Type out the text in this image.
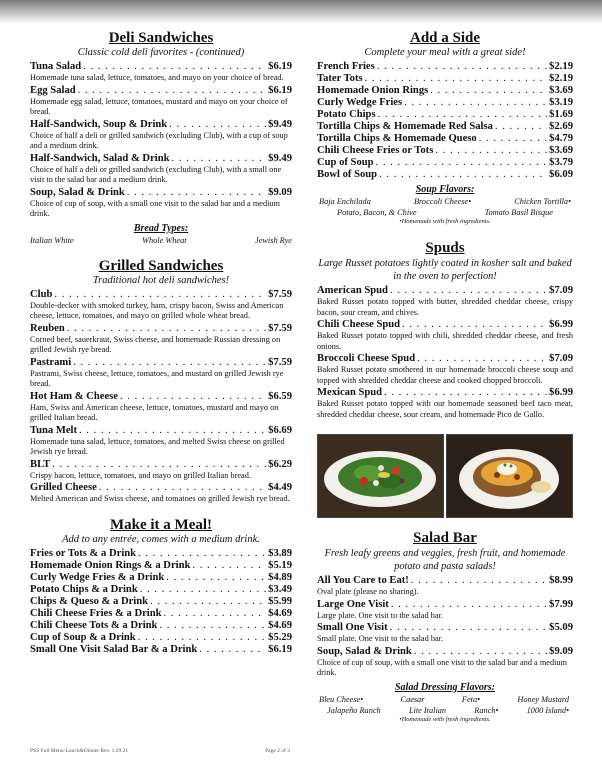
Deli Sandwiches
Classic cold deli favorites - (continued)
Tuna Salad . . .	$6.19
Homemade tuna salad, lettuce, tomatoes, and mayo on your choice of bread.
Egg Salad . . .	$6.19
Homemade egg salad, lettuce, tomatoes, mustard and mayo on your choice of bread.
Half-Sandwich, Soup & Drink . . .	$9.49
Choice of half a deli or grilled sandwich (excluding Club), with a cup of soup and a medium drink.
Half-Sandwich, Salad & Drink . . .	$9.49
Choice of half a deli or grilled sandwich (excluding Club), with a small one visit to the salad bar and a medium drink.
Soup, Salad & Drink . . .	$9.09
Choice of cup of soup, with a small one visit to the salad bar and a medium drink.
Bread Types:
Italian White	Whole Wheat	Jewish Rye
Grilled Sandwiches
Traditional hot deli sandwiches!
Club . . .	$7.59
Double-decker with smoked turkey, ham, crispy bacon, Swiss and American cheese, lettuce, tomatoes, and mayo on grilled whole wheat bread.
Reuben . . .	$7.59
Corned beef, sauerkraut, Swiss cheese, and homemade Russian dressing on grilled Jewish rye bread.
Pastrami . . .	$7.59
Pastrami, Swiss cheese, lettuce, tomatoes, and mustard on grilled Jewish rye bread.
Hot Ham & Cheese . . .	$6.59
Ham, Swiss and American cheese, lettuce, tomatoes, mustard and mayo on grilled Italian bread.
Tuna Melt . . .	$6.69
Homemade tuna salad, lettuce, tomatoes, and melted Swiss cheese on grilled Jewish rye bread.
BLT . . .	$6.29
Crispy bacon, lettuce, tomatoes, and mayo on grilled Italian bread.
Grilled Cheese . . .	$4.49
Melted American and Swiss cheese, and tomatoes on grilled Jewish rye bread.
Make it a Meal!
Add to any entrée, comes with a medium drink.
Fries or Tots & a Drink . . .	$3.89
Homemade Onion Rings & a Drink . . .	$5.19
Curly Wedge Fries & a Drink . . .	$4.89
Potato Chips & a Drink . . .	$3.49
Chips & Queso & a Drink . . .	$5.99
Chili Cheese Fries & a Drink . . .	$4.69
Chili Cheese Tots & a Drink . . .	$4.69
Cup of Soup & a Drink . . .	$5.29
Small One Visit Salad Bar & a Drink . . .	$6.19
Add a Side
Complete your meal with a great side!
French Fries . . .	$2.19
Tater Tots . . .	$2.19
Homemade Onion Rings . . .	$3.69
Curly Wedge Fries . . .	$3.19
Potato Chips . . .	$1.69
Tortilla Chips & Homemade Red Salsa . . .	$2.69
Tortilla Chips & Homemade Queso . . .	$4.79
Chili Cheese Fries or Tots . . .	$3.69
Cup of Soup . . .	$3.79
Bowl of Soup . . .	$6.09
Soup Flavors:
Baja Enchilada	Broccoli Cheese•	Chicken Tortilla•
Potato, Bacon, & Chive	Tomato Basil Bisque
•Homemade with fresh ingredients.
Spuds
Large Russet potatoes lightly coated in kosher salt and baked in the oven to perfection!
American Spud . . .	$7.09
Baked Russet potato topped with butter, shredded cheddar cheese, crispy bacon, sour cream, and chives.
Chili Cheese Spud . . .	$6.99
Baked Russet potato topped with chili, shredded cheddar cheese, and fresh onions.
Broccoli Cheese Spud . . .	$7.09
Baked Russet potato smothered in our homemade broccoli cheese soup and topped with shredded cheddar cheese and cooked chopped broccoli.
Mexican Spud . . .	$6.99
Baked Russet potato topped with our homemade seasoned beef taco meat, shredded cheddar cheese, sour cream, and homemade Pico de Gallo.
Salad Bar
Fresh leafy greens and veggies, fresh fruit, and homemade potato and pasta salads!
All You Care to Eat! . . .	$8.99
Oval plate (please no sharing).
Large One Visit . . .	$7.99
Large plate. One visit to the salad bar.
Small One Visit . . .	$5.09
Small plate. One visit to the salad bar.
Soup, Salad & Drink . . .	$9.09
Choice of cup of soup, with a small one visit to the salad bar and a medium drink.
Salad Dressing Flavors:
Bleu Cheese•	Caesar	Feta•	Honey Mustard
Jalapeño Ranch	Lite Italian	Ranch•	1000 Island•
•Homemade with fresh ingredients.
PSS Full Menu-Lunch&Dinner Rev. 1.29.21	Page 2 of 3
